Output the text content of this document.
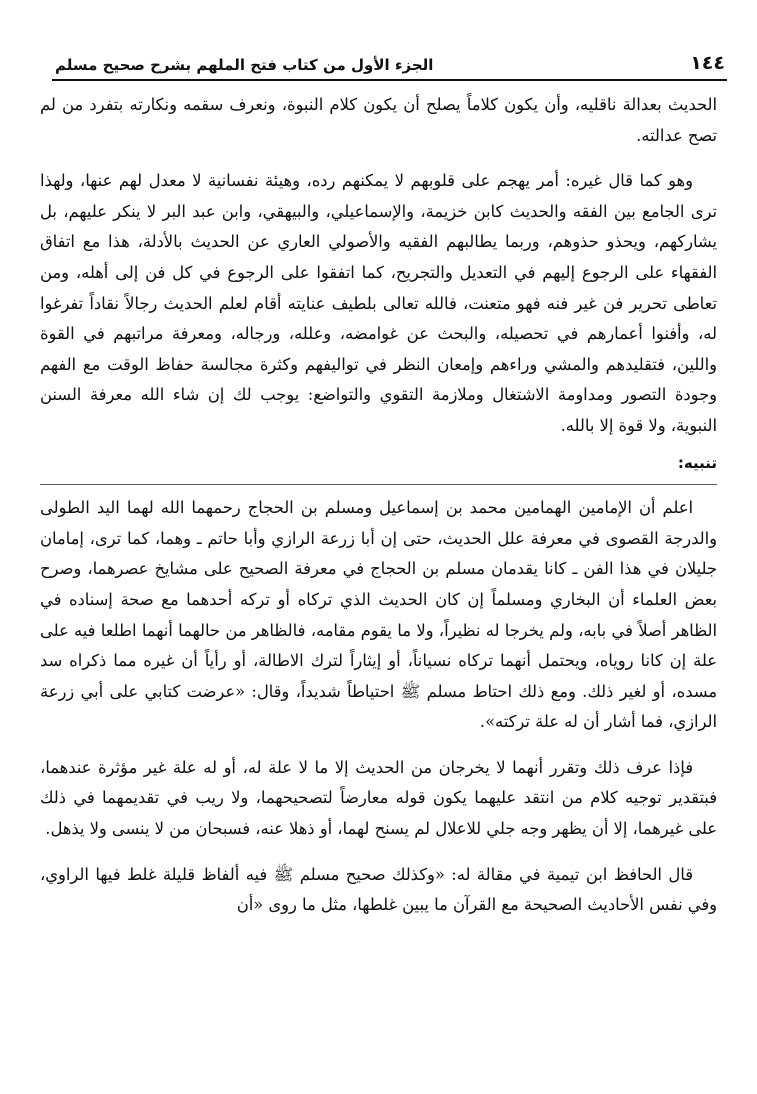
١٤٤
الجزء الأول من كتاب فتح الملهم بشرح صحيح مسلم

الحديث بعدالة ناقليه، وأن يكون كلاماً يصلح أن يكون كلام النبوة، ونعرف سقمه ونكارته بتفرد من لم تصح عدالته.

وهو كما قال غيره: أمر يهجم على قلوبهم لا يمكنهم رده، وهيئة نفسانية لا معدل لهم عنها، ولهذا ترى الجامع بين الفقه والحديث كابن خزيمة، والإسماعيلي، والبيهقي، وابن عبد البر لا ينكر عليهم، بل يشاركهم، ويحذو حذوهم، وربما يطالبهم الفقيه والأصولي العاري عن الحديث بالأدلة، هذا مع اتفاق الفقهاء على الرجوع إليهم في التعديل والتجريح، كما اتفقوا على الرجوع في كل فن إلى أهله، ومن تعاطى تحرير فن غير فنه فهو متعنت، فالله تعالى بلطيف عنايته أقام لعلم الحديث رجالاً نقاداً تفرغوا له، وأفنوا أعمارهم في تحصيله، والبحث عن غوامضه، وعلله، ورجاله، ومعرفة مراتبهم في القوة واللين، فتقليدهم والمشي وراءهم وإمعان النظر في تواليفهم وكثرة مجالسة حفاظ الوقت مع الفهم وجودة التصور ومداومة الاشتغال وملازمة التقوي والتواضع: يوجب لك إن شاء الله معرفة السنن النبوية، ولا قوة إلا بالله.

تنبيه:

اعلم أن الإمامين الهمامين محمد بن إسماعيل ومسلم بن الحجاج رحمهما الله لهما اليد الطولى والدرجة القصوى في معرفة علل الحديث، حتى إن أبا زرعة الرازي وأبا حاتم ـ وهما، كما ترى، إمامان جليلان في هذا الفن ـ كانا يقدمان مسلم بن الحجاج في معرفة الصحيح على مشايخ عصرهما، وصرح بعض العلماء أن البخاري ومسلماً إن كان الحديث الذي تركاه أو تركه أحدهما مع صحة إسناده في الظاهر أصلاً في بابه، ولم يخرجا له نظيراً، ولا ما يقوم مقامه، فالظاهر من حالهما أنهما اطلعا فيه على علة إن كانا روياه، ويحتمل أنهما تركاه نسياناً، أو إيثاراً لترك الاطالة، أو رأياً أن غيره مما ذكراه سد مسده، أو لغير ذلك. ومع ذلك احتاط مسلم ﷺ احتياطاً شديداً، وقال: «عرضت كتابي على أبي زرعة الرازي، فما أشار أن له علة تركته».

فإذا عرف ذلك وتقرر أنهما لا يخرجان من الحديث إلا ما لا علة له، أو له علة غير مؤثرة عندهما، فبتقدير توجيه كلام من انتقد عليهما يكون قوله معارضاً لتصحيحهما، ولا ريب في تقديمهما في ذلك على غيرهما، إلا أن يظهر وجه جلي للاعلال لم يسنح لهما، أو ذهلا عنه، فسبحان من لا ينسى ولا يذهل.

قال الحافظ ابن تيمية في مقالة له: «وكذلك صحيح مسلم ﷺ فيه ألفاظ قليلة غلط فيها الراوي، وفي نفس الأحاديث الصحيحة مع القرآن ما يبين غلطها، مثل ما روى «أن
